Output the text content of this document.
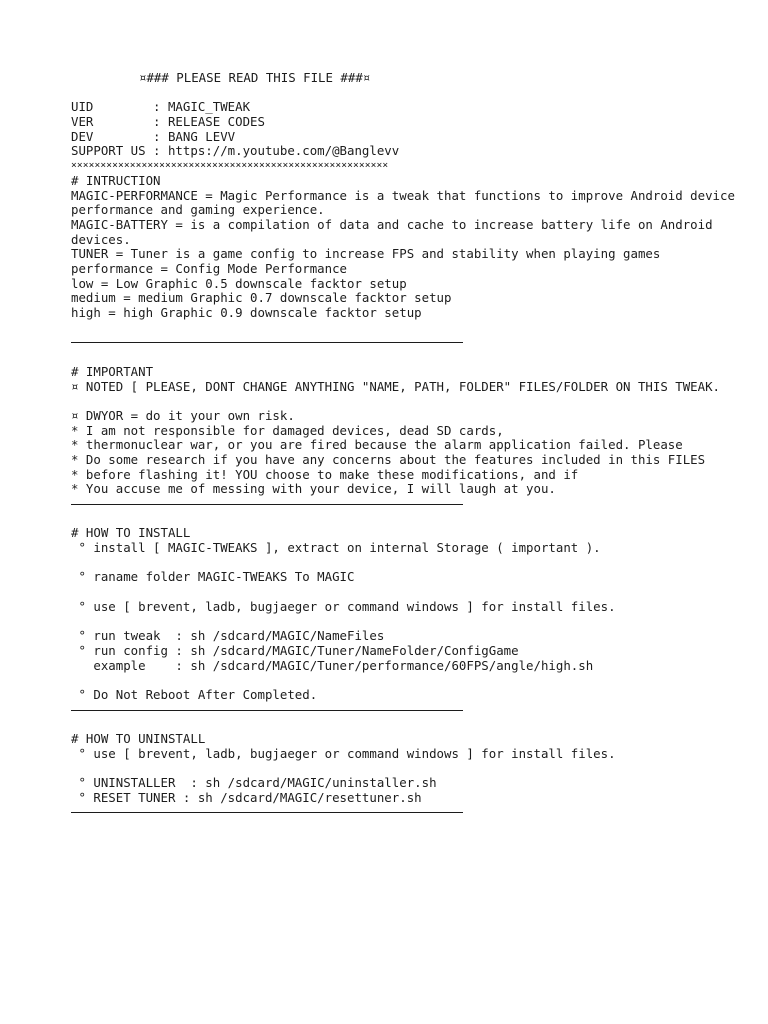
¤### PLEASE READ THIS FILE ###¤
UID        : MAGIC_TWEAK
VER        : RELEASE CODES
DEV        : BANG LEVV
SUPPORT US : https://m.youtube.com/@Banglevv
××××××××××××××××××××××××××××××××××××××××××××××××××××××
# INTRUCTION
MAGIC-PERFORMANCE = Magic Performance is a tweak that functions to improve Android device performance and gaming experience.
MAGIC-BATTERY = is a compilation of data and cache to increase battery life on Android devices.
TUNER = Tuner is a game config to increase FPS and stability when playing games
performance = Config Mode Performance
low = Low Graphic 0.5 downscale facktor setup
medium = medium Graphic 0.7 downscale facktor setup
high = high Graphic 0.9 downscale facktor setup
# IMPORTANT
¤ NOTED [ PLEASE, DONT CHANGE ANYTHING "NAME, PATH, FOLDER" FILES/FOLDER ON THIS TWEAK.
¤ DWYOR = do it your own risk.
* I am not responsible for damaged devices, dead SD cards,
* thermonuclear war, or you are fired because the alarm application failed. Please
* Do some research if you have any concerns about the features included in this FILES
* before flashing it! YOU choose to make these modifications, and if
* You accuse me of messing with your device, I will laugh at you.
# HOW TO INSTALL
° install [ MAGIC-TWEAKS ], extract on internal Storage ( important ).
° raname folder MAGIC-TWEAKS To MAGIC
° use [ brevent, ladb, bugjaeger or command windows ] for install files.
° run tweak  : sh /sdcard/MAGIC/NameFiles
° run config : sh /sdcard/MAGIC/Tuner/NameFolder/ConfigGame
example    : sh /sdcard/MAGIC/Tuner/performance/60FPS/angle/high.sh
° Do Not Reboot After Completed.
# HOW TO UNINSTALL
° use [ brevent, ladb, bugjaeger or command windows ] for install files.
° UNINSTALLER  : sh /sdcard/MAGIC/uninstaller.sh
° RESET TUNER : sh /sdcard/MAGIC/resettuner.sh
